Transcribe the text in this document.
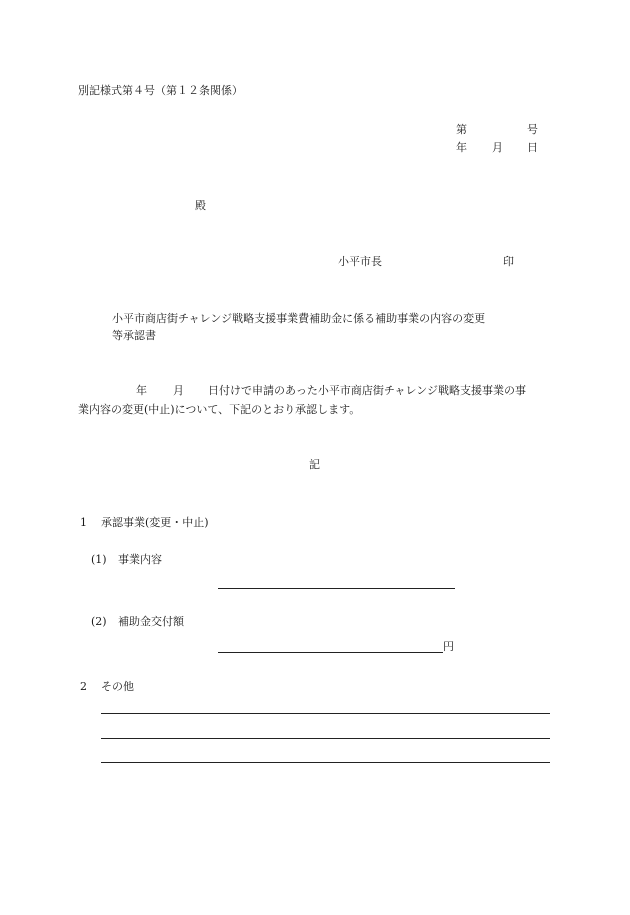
別記様式第４号（第１２条関係）
第	号
年 月 日
殿
小平市長	印
小平市商店街チャレンジ戦略支援事業費補助金に係る補助事業の内容の変更
等承認書
年 月 日付けで申請のあった小平市商店街チャレンジ戦略支援事業の事
業内容の変更(中止)について、下記のとおり承認します。
記
1 承認事業(変更・中止)
(1) 事業内容
(2) 補助金交付額
円
2 その他
